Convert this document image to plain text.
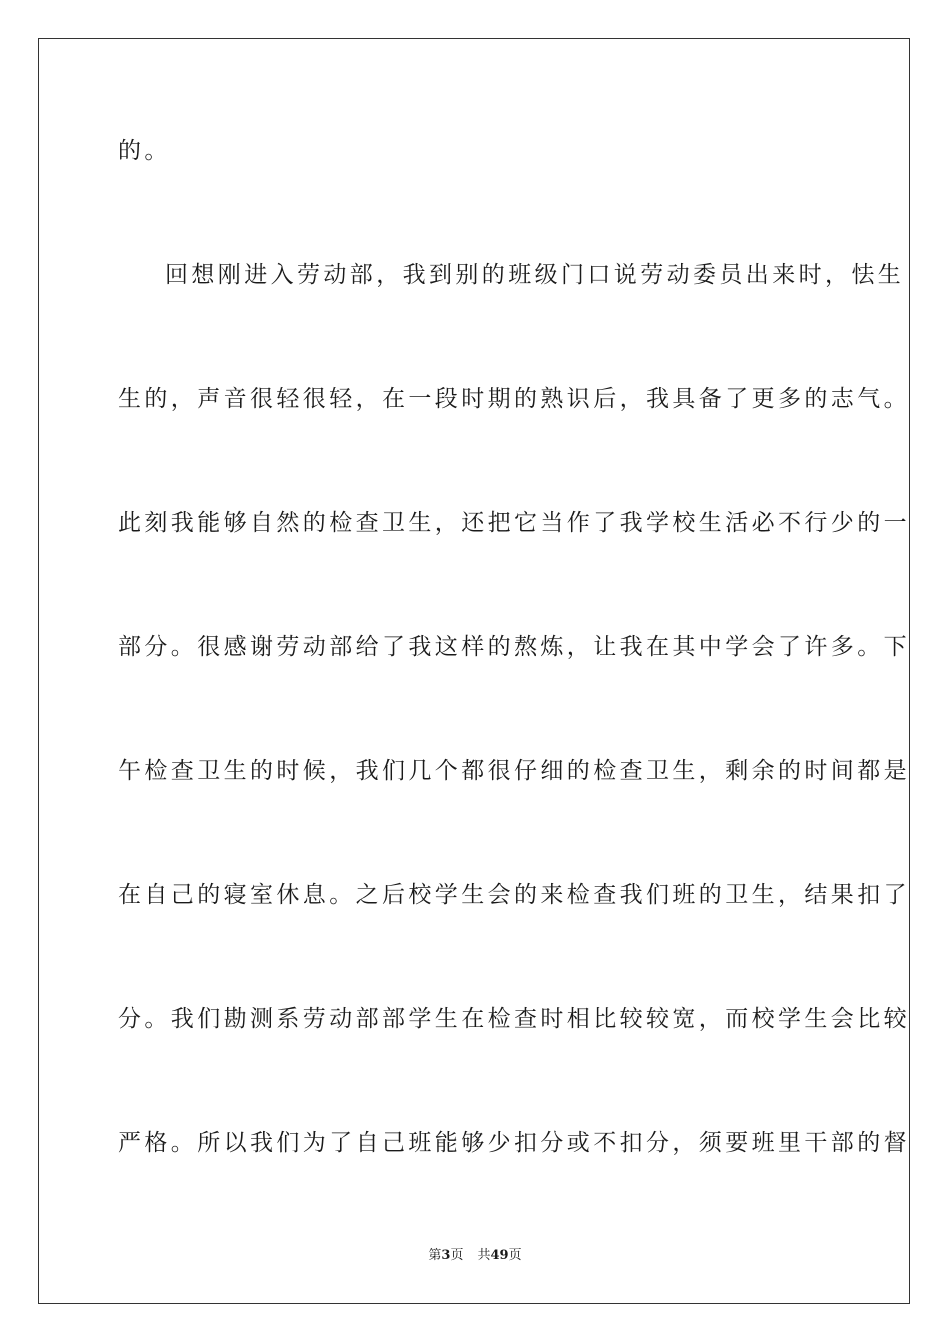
的。
回想刚进入劳动部，我到别的班级门口说劳动委员出来时，怯生
生的，声音很轻很轻，在一段时期的熟识后，我具备了更多的志气。
此刻我能够自然的检查卫生，还把它当作了我学校生活必不行少的一
部分。很感谢劳动部给了我这样的熬炼，让我在其中学会了许多。下
午检查卫生的时候，我们几个都很仔细的检查卫生，剩余的时间都是
在自己的寝室休息。之后校学生会的来检查我们班的卫生，结果扣了
分。我们勘测系劳动部部学生在检查时相比较较宽，而校学生会比较
严格。所以我们为了自己班能够少扣分或不扣分，须要班里干部的督
第3页 共49页
